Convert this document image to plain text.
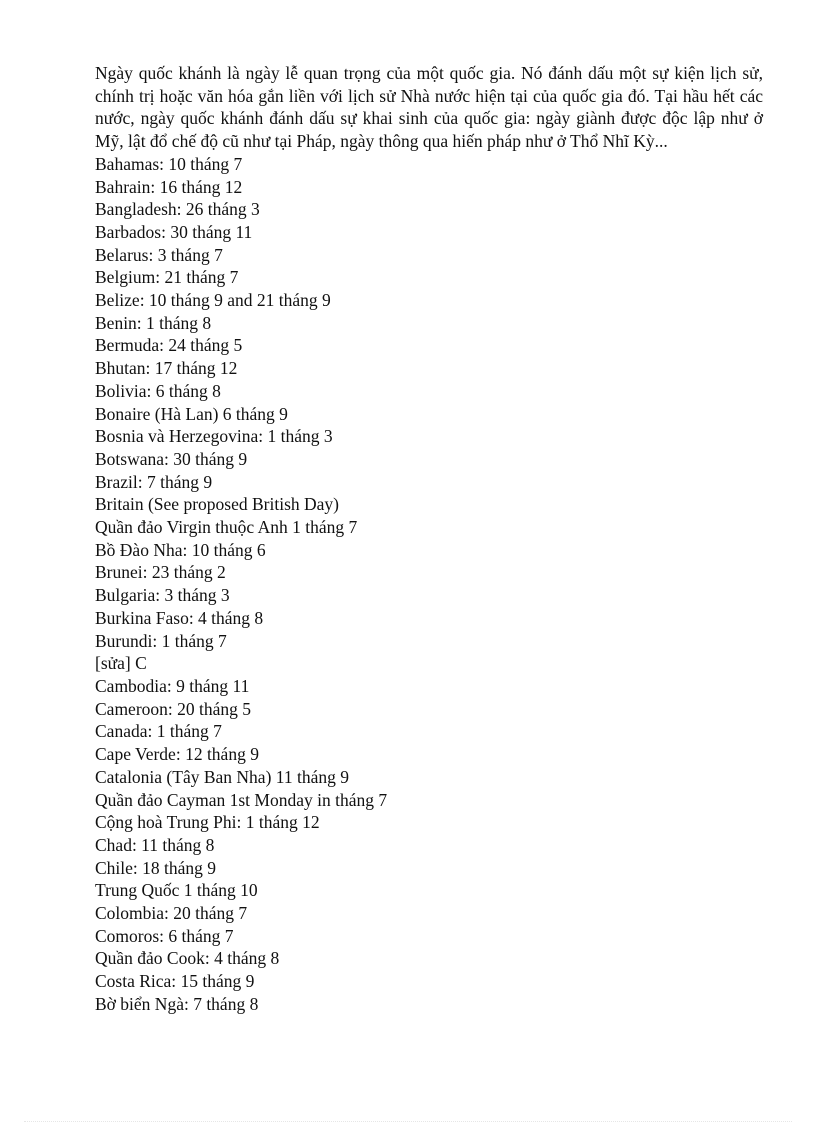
Ngày quốc khánh là ngày lễ quan trọng của một quốc gia. Nó đánh dấu một sự kiện lịch sử, chính trị hoặc văn hóa gắn liền với lịch sử Nhà nước hiện tại của quốc gia đó. Tại hầu hết các nước, ngày quốc khánh đánh dấu sự khai sinh của quốc gia: ngày giành được độc lập như ở Mỹ, lật đổ chế độ cũ như tại Pháp, ngày thông qua hiến pháp như ở Thổ Nhĩ Kỳ...

Bahamas: 10 tháng 7
Bahrain: 16 tháng 12
Bangladesh: 26 tháng 3
Barbados: 30 tháng 11
Belarus: 3 tháng 7
Belgium: 21 tháng 7
Belize: 10 tháng 9 and 21 tháng 9
Benin: 1 tháng 8
Bermuda: 24 tháng 5
Bhutan: 17 tháng 12
Bolivia: 6 tháng 8
Bonaire (Hà Lan) 6 tháng 9
Bosnia và Herzegovina: 1 tháng 3
Botswana: 30 tháng 9
Brazil: 7 tháng 9
Britain (See proposed British Day)
Quần đảo Virgin thuộc Anh 1 tháng 7
Bồ Đào Nha: 10 tháng 6
Brunei: 23 tháng 2
Bulgaria: 3 tháng 3
Burkina Faso: 4 tháng 8
Burundi: 1 tháng 7
[sửa] C
Cambodia: 9 tháng 11
Cameroon: 20 tháng 5
Canada: 1 tháng 7
Cape Verde: 12 tháng 9
Catalonia (Tây Ban Nha) 11 tháng 9
Quần đảo Cayman 1st Monday in tháng 7
Cộng hoà Trung Phi: 1 tháng 12
Chad: 11 tháng 8
Chile: 18 tháng 9
Trung Quốc 1 tháng 10
Colombia: 20 tháng 7
Comoros: 6 tháng 7
Quần đảo Cook: 4 tháng 8
Costa Rica: 15 tháng 9
Bờ biển Ngà: 7 tháng 8
